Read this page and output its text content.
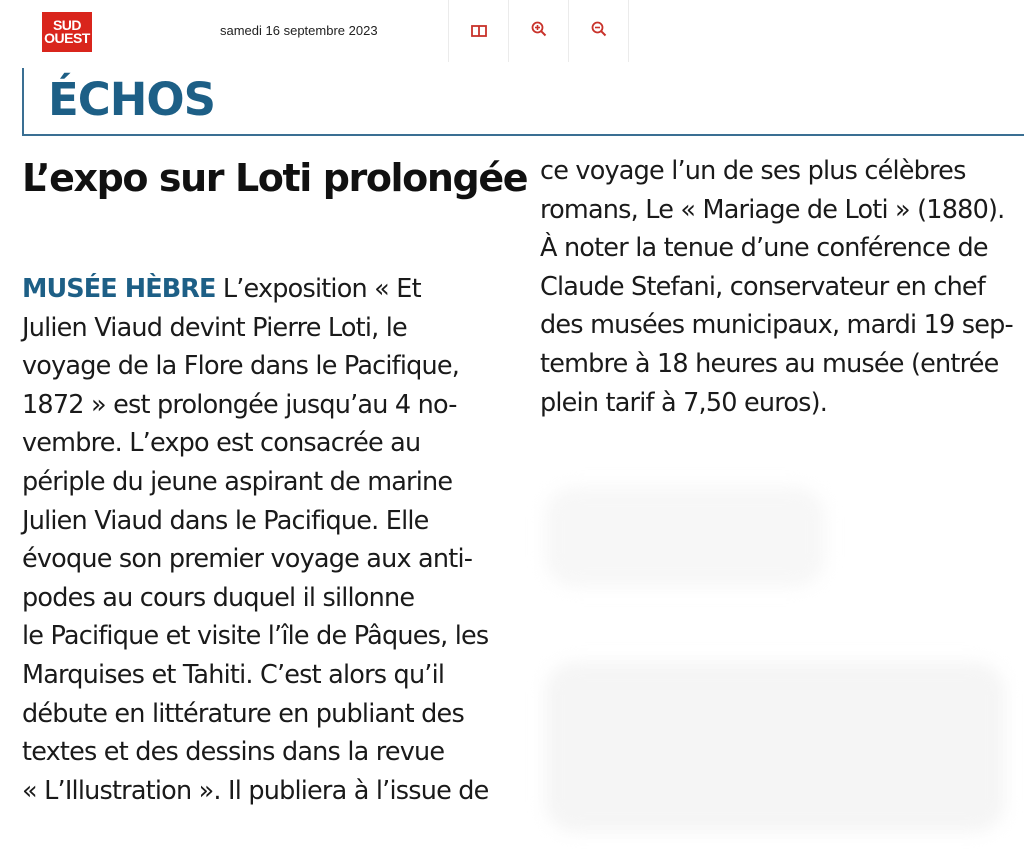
SUD
OUEST	samedi 16 septembre 2023
ÉCHOS
L’expo sur Loti prolongée
MUSÉE HÈBRE L’exposition « Et
Julien Viaud devint Pierre Loti, le
voyage de la Flore dans le Pacifique,
1872 » est prolongée jusqu’au 4 no-
vembre. L’expo est consacrée au
périple du jeune aspirant de marine
Julien Viaud dans le Pacifique. Elle
évoque son premier voyage aux anti-
podes au cours duquel il sillonne
le Pacifique et visite l’île de Pâques, les
Marquises et Tahiti. C’est alors qu’il
débute en littérature en publiant des
textes et des dessins dans la revue
« L’Illustration ». Il publiera à l’issue de
ce voyage l’un de ses plus célèbres
romans, Le « Mariage de Loti » (1880).
À noter la tenue d’une conférence de
Claude Stefani, conservateur en chef
des musées municipaux, mardi 19 sep-
tembre à 18 heures au musée (entrée
plein tarif à 7,50 euros).
